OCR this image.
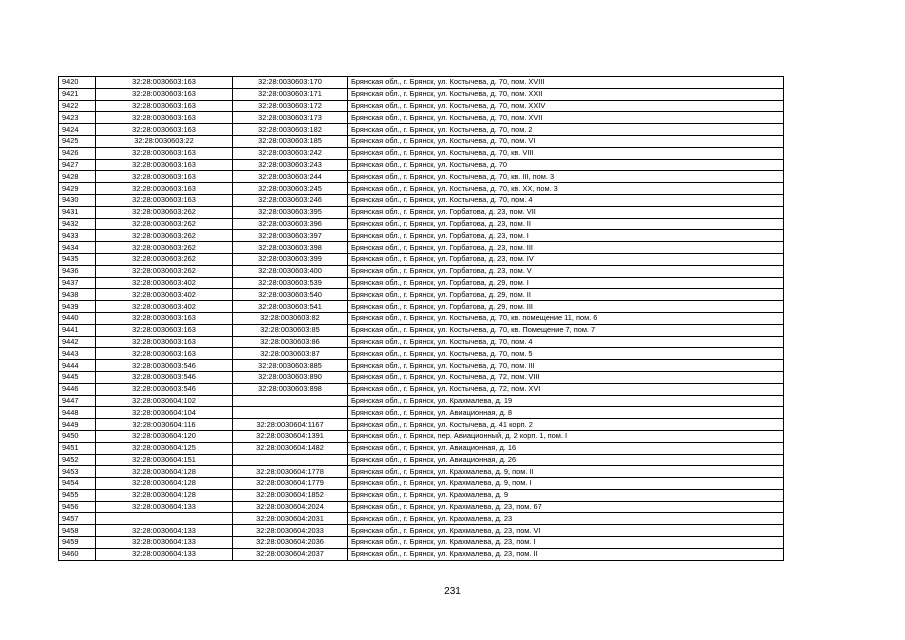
9420	32:28:0030603:163	32:28:0030603:170	Брянская обл., г. Брянск, ул. Костычева, д. 70, пом. XVIII
9421	32:28:0030603:163	32:28:0030603:171	Брянская обл., г. Брянск, ул. Костычева, д. 70, пом. XXII
9422	32:28:0030603:163	32:28:0030603:172	Брянская обл., г. Брянск, ул. Костычева, д. 70, пом. XXIV
9423	32:28:0030603:163	32:28:0030603:173	Брянская обл., г. Брянск, ул. Костычева, д. 70, пом. XVII
9424	32:28:0030603:163	32:28:0030603:182	Брянская обл., г. Брянск, ул. Костычева, д. 70, пом. 2
9425	32:28:0030603:22	32:28:0030603:185	Брянская обл., г. Брянск, ул. Костычева, д. 70, пом. VI
9426	32:28:0030603:163	32:28:0030603:242	Брянская обл., г. Брянск, ул. Костычева, д. 70, кв. VIII
9427	32:28:0030603:163	32:28:0030603:243	Брянская обл., г. Брянск, ул. Костычева, д. 70
9428	32:28:0030603:163	32:28:0030603:244	Брянская обл., г. Брянск, ул. Костычева, д. 70, кв. III, пом. 3
9429	32:28:0030603:163	32:28:0030603:245	Брянская обл., г. Брянск, ул. Костычева, д. 70, кв. XX, пом. 3
9430	32:28:0030603:163	32:28:0030603:246	Брянская обл., г. Брянск, ул. Костычева, д. 70, пом. 4
9431	32:28:0030603:262	32:28:0030603:395	Брянская обл., г. Брянск, ул. Горбатова, д. 23, пом. VII
9432	32:28:0030603:262	32:28:0030603:396	Брянская обл., г. Брянск, ул. Горбатова, д. 23, пом. II
9433	32:28:0030603:262	32:28:0030603:397	Брянская обл., г. Брянск, ул. Горбатова, д. 23, пом. I
9434	32:28:0030603:262	32:28:0030603:398	Брянская обл., г. Брянск, ул. Горбатова, д. 23, пом. III
9435	32:28:0030603:262	32:28:0030603:399	Брянская обл., г. Брянск, ул. Горбатова, д. 23, пом. IV
9436	32:28:0030603:262	32:28:0030603:400	Брянская обл., г. Брянск, ул. Горбатова, д. 23, пом. V
9437	32:28:0030603:402	32:28:0030603:539	Брянская обл., г. Брянск, ул. Горбатова, д. 29, пом. I
9438	32:28:0030603:402	32:28:0030603:540	Брянская обл., г. Брянск, ул. Горбатова, д. 29, пом. II
9439	32:28:0030603:402	32:28:0030603:541	Брянская обл., г. Брянск, ул. Горбатова, д. 29, пом. III
9440	32:28:0030603:163	32:28:0030603:82	Брянская обл., г. Брянск, ул. Костычева, д. 70, кв. помещение 11, пом. 6
9441	32:28:0030603:163	32:28:0030603:85	Брянская обл., г. Брянск, ул. Костычева, д. 70, кв. Помещение 7, пом. 7
9442	32:28:0030603:163	32:28:0030603:86	Брянская обл., г. Брянск, ул. Костычева, д. 70, пом. 4
9443	32:28:0030603:163	32:28:0030603:87	Брянская обл., г. Брянск, ул. Костычева, д. 70, пом. 5
9444	32:28:0030603:546	32:28:0030603:885	Брянская обл., г. Брянск, ул. Костычева, д. 70, пом. III
9445	32:28:0030603:546	32:28:0030603:890	Брянская обл., г. Брянск, ул. Костычева, д. 72, пом. VIII
9446	32:28:0030603:546	32:28:0030603:898	Брянская обл., г. Брянск, ул. Костычева, д. 72, пом. XVI
9447	32:28:0030604:102		Брянская обл., г. Брянск, ул. Крахмалева, д. 19
9448	32:28:0030604:104		Брянская обл., г. Брянск, ул. Авиационная, д. 8
9449	32:28:0030604:116	32:28:0030604:1167	Брянская обл., г. Брянск, ул. Костычева, д. 41 корп. 2
9450	32:28:0030604:120	32:28:0030604:1391	Брянская обл., г. Брянск, пер. Авиационный, д. 2 корп. 1, пом. I
9451	32:28:0030604:125	32:28:0030604:1482	Брянская обл., г. Брянск, ул. Авиационная, д. 16
9452	32:28:0030604:151		Брянская обл., г. Брянск, ул. Авиационная, д. 26
9453	32:28:0030604:128	32:28:0030604:1778	Брянская обл., г. Брянск, ул. Крахмалева, д. 9, пом. II
9454	32:28:0030604:128	32:28:0030604:1779	Брянская обл., г. Брянск, ул. Крахмалева, д. 9, пом. I
9455	32:28:0030604:128	32:28:0030604:1852	Брянская обл., г. Брянск, ул. Крахмалева, д. 9
9456	32:28:0030604:133	32:28:0030604:2024	Брянская обл., г. Брянск, ул. Крахмалева, д. 23, пом. 67
9457		32:28:0030604:2031	Брянская обл., г. Брянск, ул. Крахмалева, д. 23
9458	32:28:0030604:133	32:28:0030604:2033	Брянская обл., г. Брянск, ул. Крахмалева, д. 23, пом. VI
9459	32:28:0030604:133	32:28:0030604:2036	Брянская обл., г. Брянск, ул. Крахмалева, д. 23, пом. I
9460	32:28:0030604:133	32:28:0030604:2037	Брянская обл., г. Брянск, ул. Крахмалева, д. 23, пом. II
231
